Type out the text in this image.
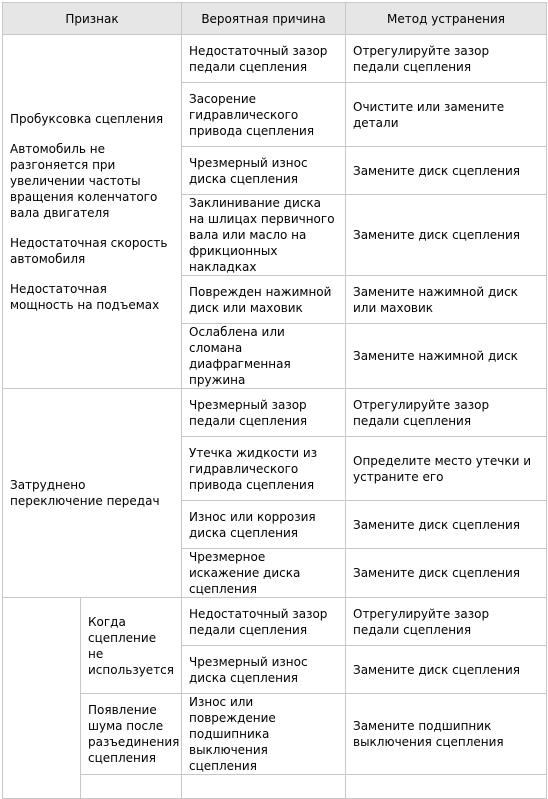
Признак		Вероятная причина	Метод устранения

Пробуксовка сцепления
Автомобиль не разгоняется при увеличении частоты вращения коленчатого вала двигателя
Недостаточная скорость автомобиля
Недостаточная мощность на подъемах		Недостаточный зазор педали сцепления	Отрегулируйте зазор педали сцепления
		Засорение гидравлического привода сцепления	Очистите или замените детали
		Чрезмерный износ диска сцепления	Замените диск сцепления
		Заклинивание диска на шлицах первичного вала или масло на фрикционных накладках	Замените диск сцепления
		Поврежден нажимной диск или маховик	Замените нажимной диск или маховик
		Ослаблена или сломана диафрагменная пружина	Замените нажимной диск

Затруднено переключение передач		Чрезмерный зазор педали сцепления	Отрегулируйте зазор педали сцепления
		Утечка жидкости из гидравлического привода сцепления	Определите место утечки и устраните его
		Износ или коррозия диска сцепления	Замените диск сцепления
		Чрезмерное искажение диска сцепления	Замените диск сцепления
	Когда сцепление не используется	Недостаточный зазор педали сцепления	Отрегулируйте зазор педали сцепления
		Чрезмерный износ диска сцепления	Замените диск сцепления
	Появление шума после разъединения сцепления	Износ или повреждение подшипника выключения сцепления	Замените подшипник выключения сцепления
